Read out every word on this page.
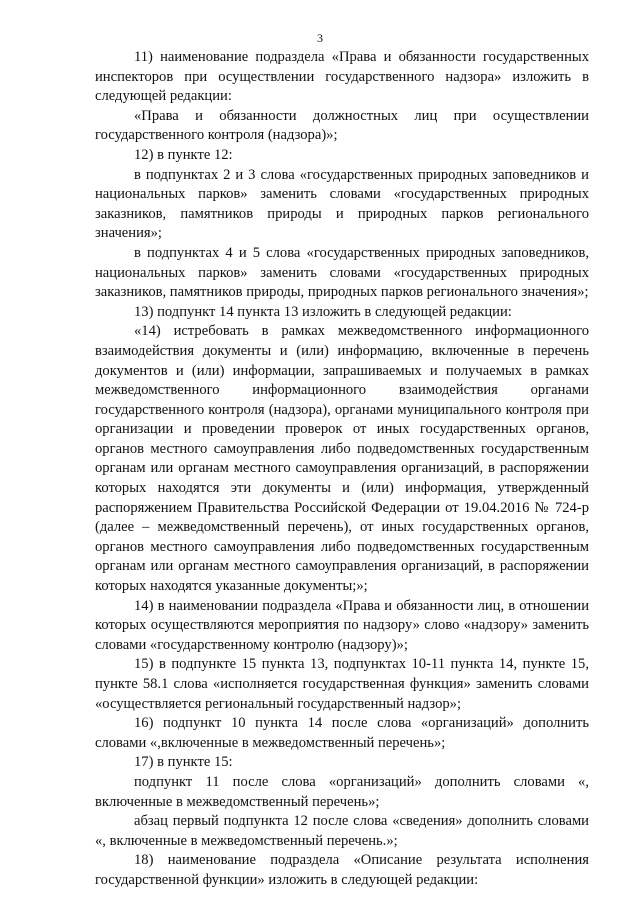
3

11) наименование подраздела «Права и обязанности государственных инспекторов при осуществлении государственного надзора» изложить в следующей редакции:

«Права и обязанности должностных лиц при осуществлении государственного контроля (надзора)»;

12) в пункте 12:

в подпунктах 2 и 3 слова «государственных природных заповедников и национальных парков» заменить словами «государственных природных заказников, памятников природы и природных парков регионального значения»;

в подпунктах 4 и 5 слова «государственных природных заповедников, национальных парков» заменить словами «государственных природных заказников, памятников природы, природных парков регионального значения»;

13) подпункт 14 пункта 13 изложить в следующей редакции:

«14) истребовать в рамках межведомственного информационного взаимодействия документы и (или) информацию, включенные в перечень документов и (или) информации, запрашиваемых и получаемых в рамках межведомственного информационного взаимодействия органами государственного контроля (надзора), органами муниципального контроля при организации и проведении проверок от иных государственных органов, органов местного самоуправления либо подведомственных государственным органам или органам местного самоуправления организаций, в распоряжении которых находятся эти документы и (или) информация, утвержденный распоряжением Правительства Российской Федерации от 19.04.2016 № 724-р (далее – межведомственный перечень), от иных государственных органов, органов местного самоуправления либо подведомственных государственным органам или органам местного самоуправления организаций, в распоряжении которых находятся указанные документы;»;

14) в наименовании подраздела «Права и обязанности лиц, в отношении которых осуществляются мероприятия по надзору» слово «надзору» заменить словами «государственному контролю (надзору)»;

15) в подпункте 15 пункта 13, подпунктах 10-11 пункта 14, пункте 15, пункте 58.1 слова «исполняется государственная функция» заменить словами «осуществляется региональный государственный надзор»;

16) подпункт 10 пункта 14 после слова «организаций» дополнить словами «,включенные в межведомственный перечень»;

17) в пункте 15:

подпункт 11 после слова «организаций» дополнить словами «, включенные в межведомственный перечень»;

абзац первый подпункта 12 после слова «сведения» дополнить словами «, включенные в межведомственный перечень.»;

18) наименование подраздела «Описание результата исполнения государственной функции» изложить в следующей редакции:
